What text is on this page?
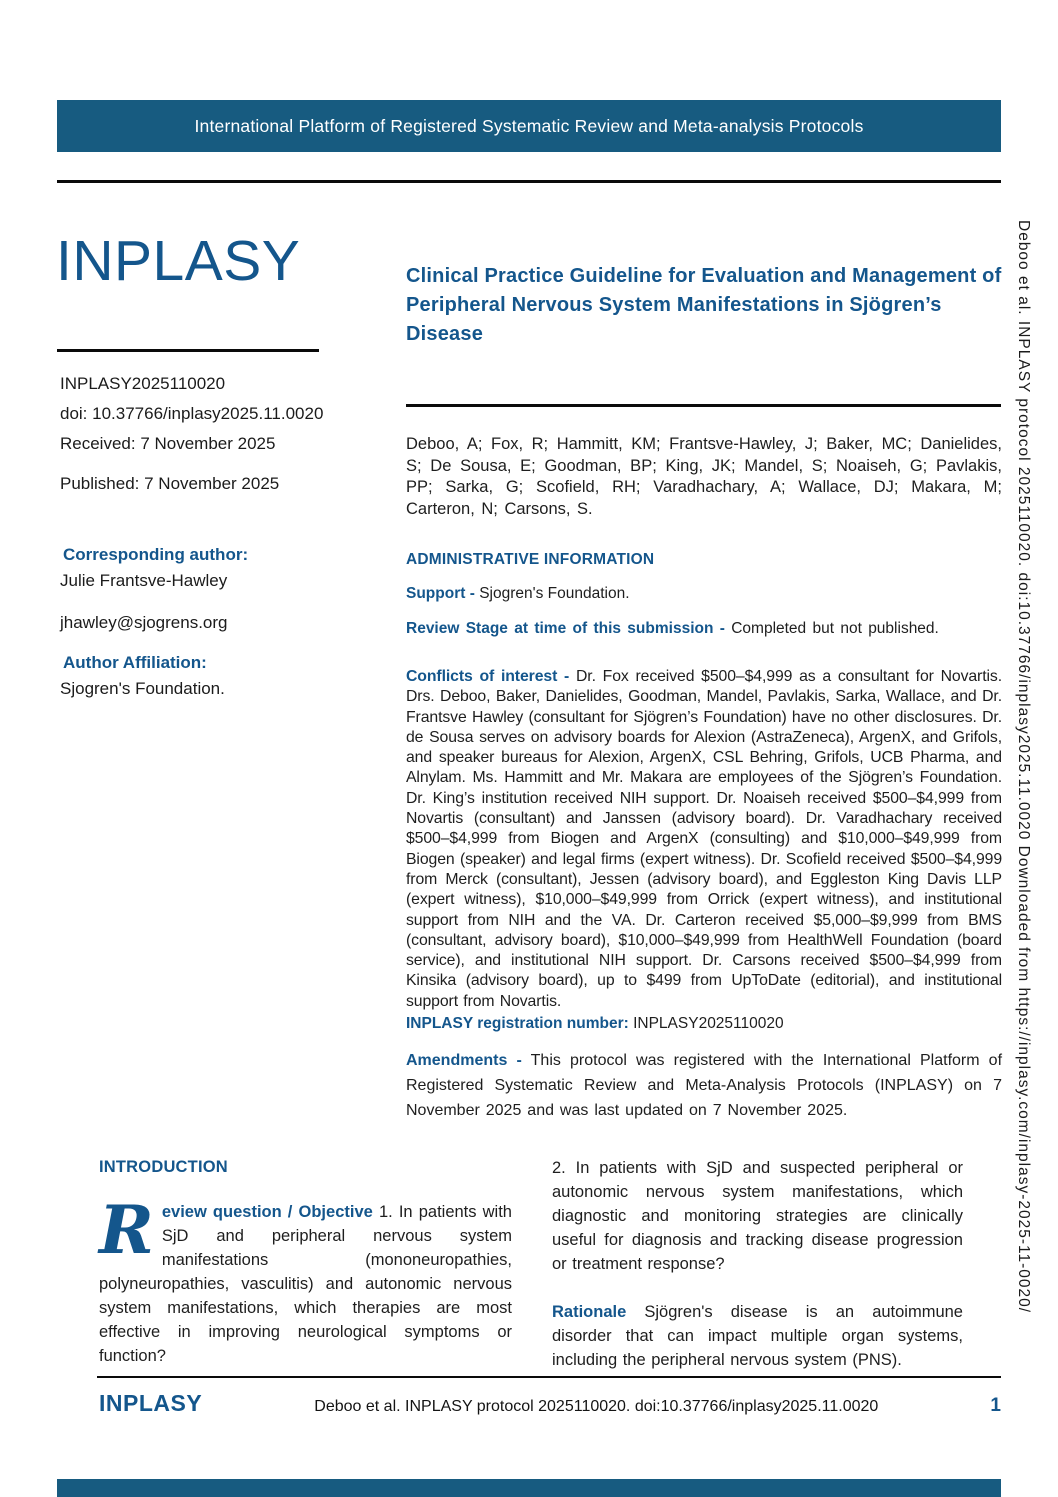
International Platform of Registered Systematic Review and Meta-analysis Protocols
INPLASY
INPLASY2025110020
doi: 10.37766/inplasy2025.11.0020
Received: 7 November 2025
Published: 7 November 2025
Corresponding author:
Julie Frantsve-Hawley
jhawley@sjogrens.org
Author Affiliation:
Sjogren's Foundation.
Clinical Practice Guideline for Evaluation and Management of Peripheral Nervous System Manifestations in Sjögren’s Disease
Deboo, A; Fox, R; Hammitt, KM; Frantsve-Hawley, J; Baker, MC; Danielides, S; De Sousa, E; Goodman, BP; King, JK; Mandel, S; Noaiseh, G; Pavlakis, PP; Sarka, G; Scofield, RH; Varadhachary, A; Wallace, DJ; Makara, M; Carteron, N; Carsons, S.
ADMINISTRATIVE INFORMATION

Support - Sjogren's Foundation.

Review Stage at time of this submission - Completed but not published.

Conflicts of interest - Dr. Fox received $500–$4,999 as a consultant for Novartis. Drs. Deboo, Baker, Danielides, Goodman, Mandel, Pavlakis, Sarka, Wallace, and Dr. Frantsve Hawley (consultant for Sjögren’s Foundation) have no other disclosures. Dr. de Sousa serves on advisory boards for Alexion (AstraZeneca), ArgenX, and Grifols, and speaker bureaus for Alexion, ArgenX, CSL Behring, Grifols, UCB Pharma, and Alnylam. Ms. Hammitt and Mr. Makara are employees of the Sjögren’s Foundation. Dr. King’s institution received NIH support. Dr. Noaiseh received $500–$4,999 from Novartis (consultant) and Janssen (advisory board). Dr. Varadhachary received $500–$4,999 from Biogen and ArgenX (consulting) and $10,000–$49,999 from Biogen (speaker) and legal firms (expert witness). Dr. Scofield received $500–$4,999 from Merck (consultant), Jessen (advisory board), and Eggleston King Davis LLP (expert witness), $10,000–$49,999 from Orrick (expert witness), and institutional support from NIH and the VA. Dr. Carteron received $5,000–$9,999 from BMS (consultant, advisory board), $10,000–$49,999 from HealthWell Foundation (board service), and institutional NIH support. Dr. Carsons received $500–$4,999 from Kinsika (advisory board), up to $499 from UpToDate (editorial), and institutional support from Novartis.

INPLASY registration number: INPLASY2025110020

Amendments - This protocol was registered with the International Platform of Registered Systematic Review and Meta-Analysis Protocols (INPLASY) on 7 November 2025 and was last updated on 7 November 2025.

INTRODUCTION

R eview question / Objective 1. In patients with SjD and peripheral nervous system manifestations (mononeuropathies, polyneuropathies, vasculitis) and autonomic nervous system manifestations, which therapies are most effective in improving neurological symptoms or function?

2. In patients with SjD and suspected peripheral or autonomic nervous system manifestations, which diagnostic and monitoring strategies are clinically useful for diagnosis and tracking disease progression or treatment response?

Rationale Sjögren's disease is an autoimmune disorder that can impact multiple organ systems, including the peripheral nervous system (PNS).

INPLASY	Deboo et al. INPLASY protocol 2025110020. doi:10.37766/inplasy2025.11.0020	1
Deboo et al. INPLASY protocol 2025110020. doi:10.37766/inplasy2025.11.0020 Downloaded from https://inplasy.com/inplasy-2025-11-0020/
